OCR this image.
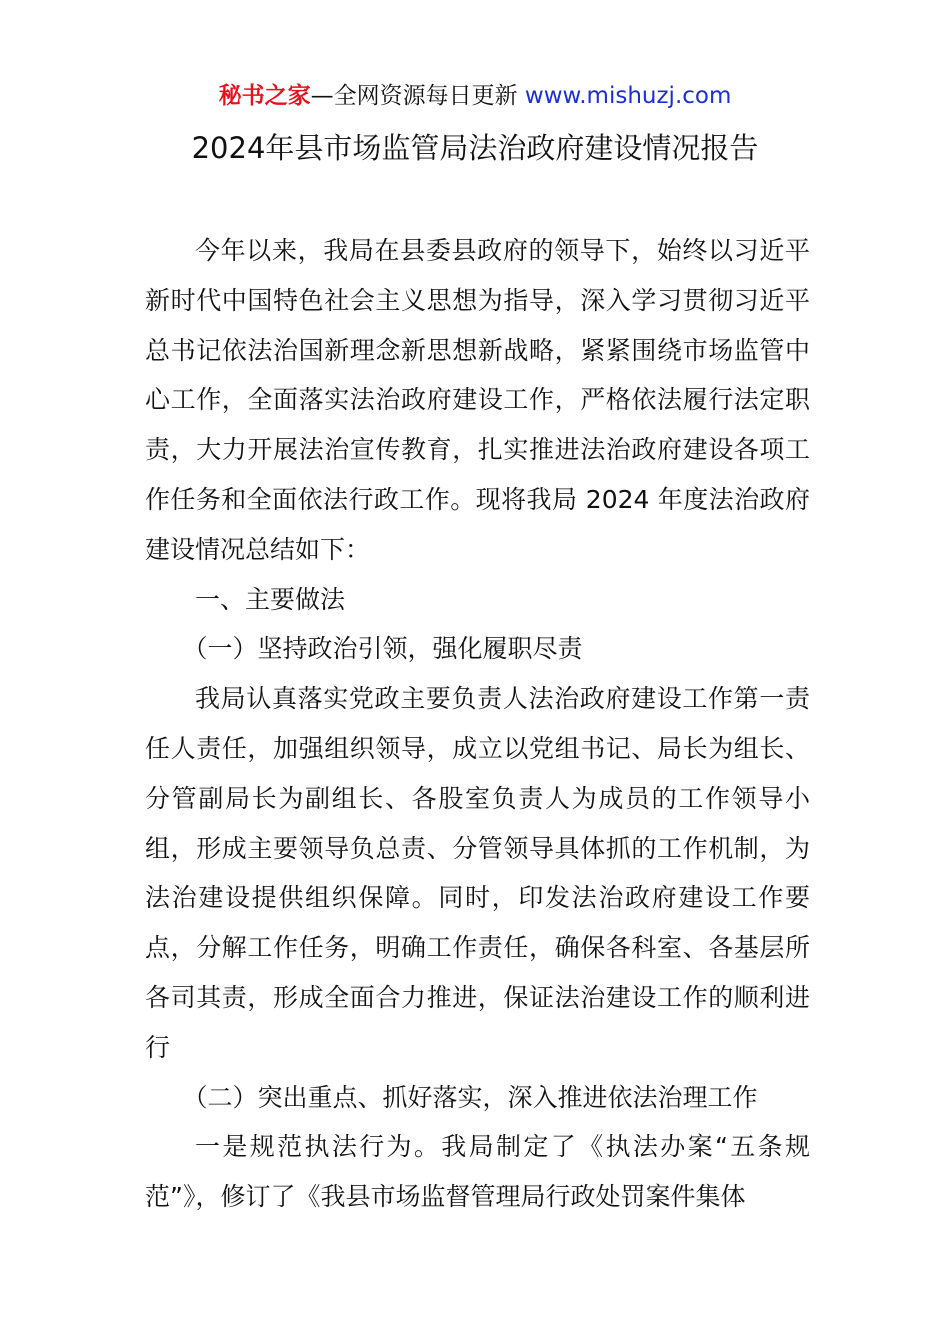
秘书之家—全网资源每日更新 www.mishuzj.com
2024年县市场监管局法治政府建设情况报告

今年以来，我局在县委县政府的领导下，始终以习近平新时代中国特色社会主义思想为指导，深入学习贯彻习近平总书记依法治国新理念新思想新战略，紧紧围绕市场监管中心工作，全面落实法治政府建设工作，严格依法履行法定职责，大力开展法治宣传教育，扎实推进法治政府建设各项工作任务和全面依法行政工作。现将我局 2024 年度法治政府建设情况总结如下：

一、主要做法

（一）坚持政治引领，强化履职尽责

我局认真落实党政主要负责人法治政府建设工作第一责任人责任，加强组织领导，成立以党组书记、局长为组长、分管副局长为副组长、各股室负责人为成员的工作领导小组，形成主要领导负总责、分管领导具体抓的工作机制，为法治建设提供组织保障。同时，印发法治政府建设工作要点，分解工作任务，明确工作责任，确保各科室、各基层所各司其责，形成全面合力推进，保证法治建设工作的顺利进行

（二）突出重点、抓好落实，深入推进依法治理工作

一是规范执法行为。我局制定了《执法办案“五条规范”》，修订了《我县市场监督管理局行政处罚案件集体
